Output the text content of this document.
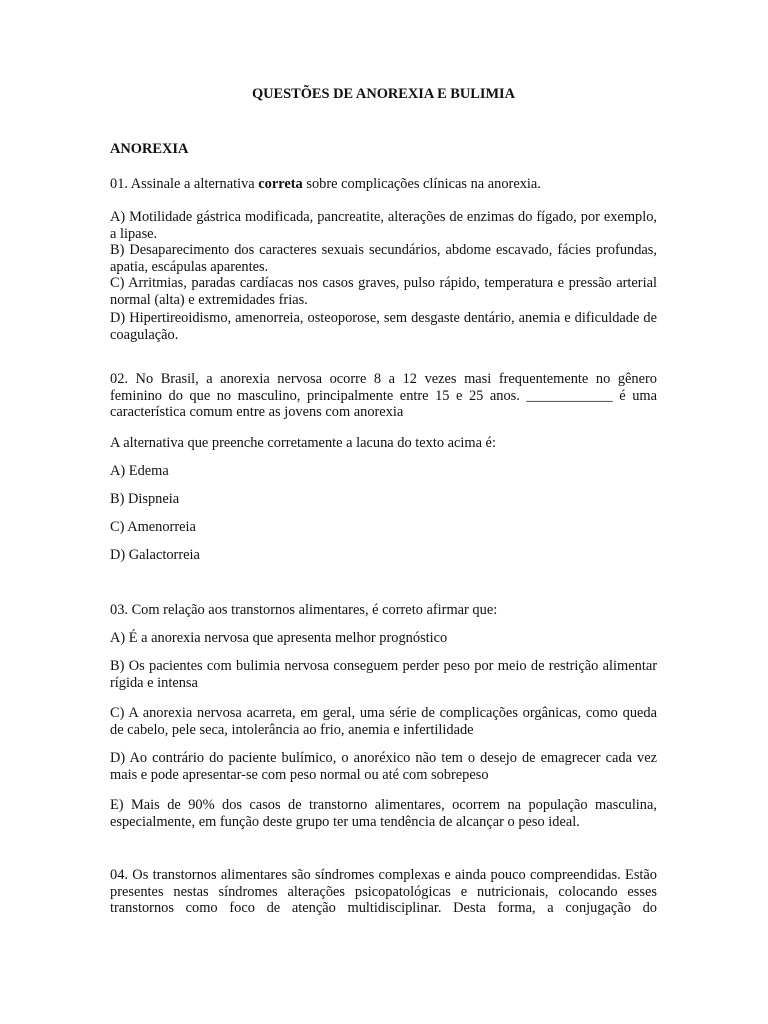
QUESTÕES DE ANOREXIA E BULIMIA
ANOREXIA

01. Assinale a alternativa correta sobre complicações clínicas na anorexia.

A) Motilidade gástrica modificada, pancreatite, alterações de enzimas do fígado, por exemplo, a lipase.

B) Desaparecimento dos caracteres sexuais secundários, abdome escavado, fácies profundas, apatia, escápulas aparentes.

C) Arritmias, paradas cardíacas nos casos graves, pulso rápido, temperatura e pressão arterial normal (alta) e extremidades frias.

D) Hipertireoidismo, amenorreia, osteoporose, sem desgaste dentário, anemia e dificuldade de coagulação.

02. No Brasil, a anorexia nervosa ocorre 8 a 12 vezes masi frequentemente no gênero feminino do que no masculino, principalmente entre 15 e 25 anos. ____________ é uma característica comum entre as jovens com anorexia

A alternativa que preenche corretamente a lacuna do texto acima é:

A) Edema

B) Dispneia

C) Amenorreia

D) Galactorreia

03. Com relação aos transtornos alimentares, é correto afirmar que:

A) É a anorexia nervosa que apresenta melhor prognóstico

B) Os pacientes com bulimia nervosa conseguem perder peso por meio de restrição alimentar rígida e intensa

C) A anorexia nervosa acarreta, em geral, uma série de complicações orgânicas, como queda de cabelo, pele seca, intolerância ao frio, anemia e infertilidade

D) Ao contrário do paciente bulímico, o anoréxico não tem o desejo de emagrecer cada vez mais e pode apresentar-se com peso normal ou até com sobrepeso

E) Mais de 90% dos casos de transtorno alimentares, ocorrem na população masculina, especialmente, em função deste grupo ter uma tendência de alcançar o peso ideal.

04. Os transtornos alimentares são síndromes complexas e ainda pouco compreendidas. Estão presentes nestas síndromes alterações psicopatológicas e nutricionais, colocando esses transtornos como foco de atenção multidisciplinar. Desta forma, a conjugação do
